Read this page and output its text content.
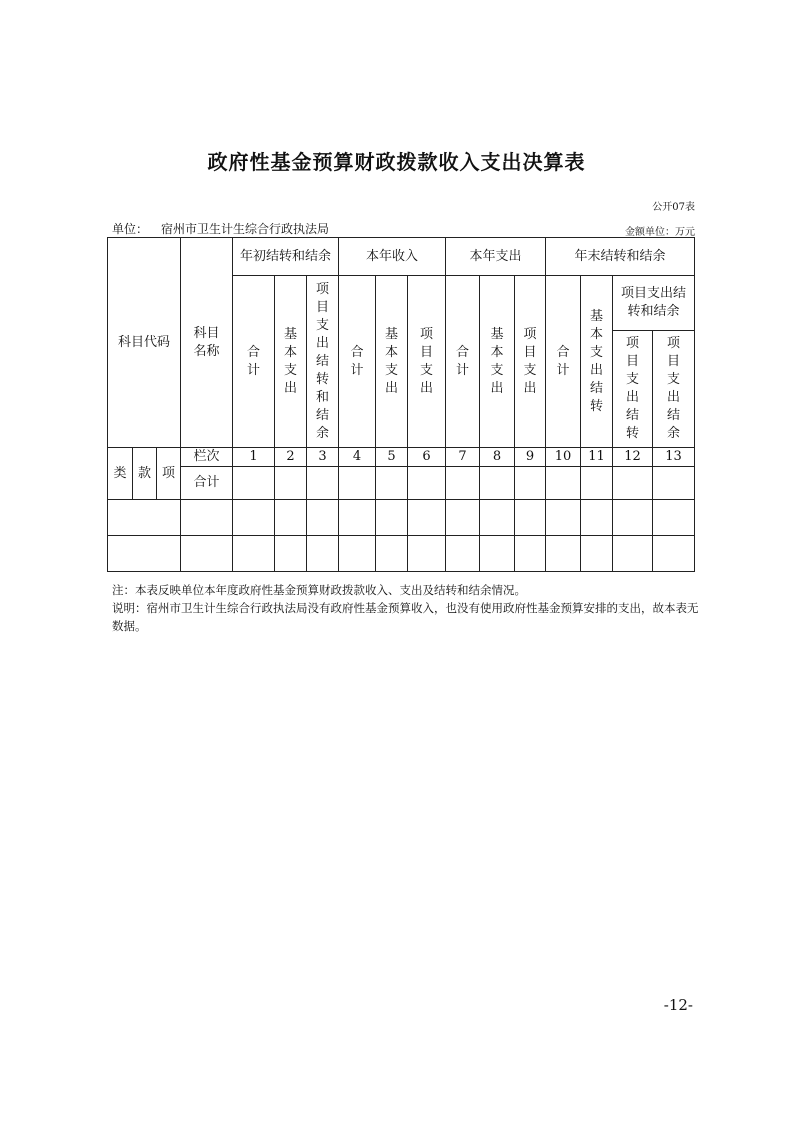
政府性基金预算财政拨款收入支出决算表
公开07表
单位： 宿州市卫生计生综合行政执法局	金额单位：万元
科目代码			科目名称	年初结转和结余			本年收入			本年支出			年末结转和结余			
				合计	基本支出	项目支出结转和结余	合计	基本支出	项目支出	合计	基本支出	项目支出	合计	基本支出结转	项目支出结转和结余	
															项目支出结转	项目支出结余
类	款	项	栏次	1	2	3	4	5	6	7	8	9	10	11	12	13
			合计													

注：本表反映单位本年度政府性基金预算财政拨款收入、支出及结转和结余情况。
说明：宿州市卫生计生综合行政执法局没有政府性基金预算收入，也没有使用政府性基金预算安排的支出，故本表无数据。
-12-
